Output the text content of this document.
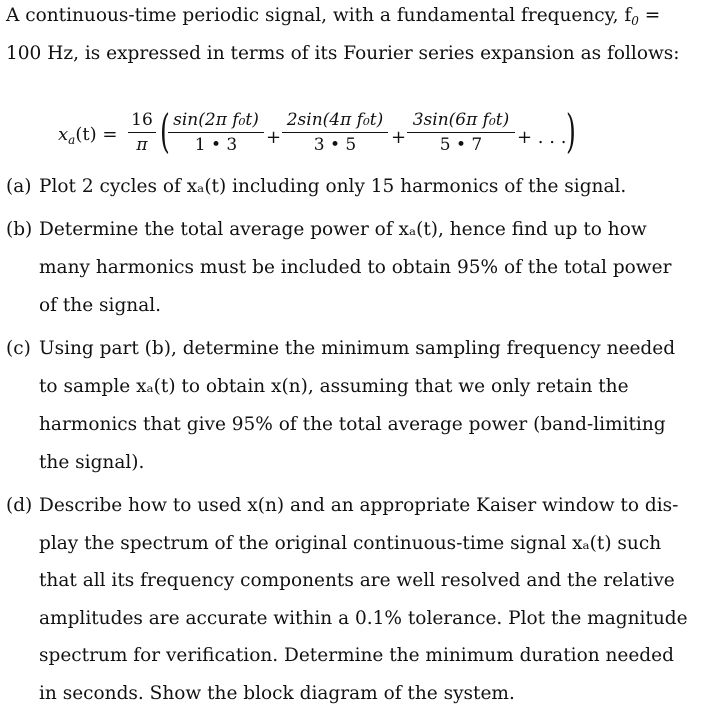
A continuous-time periodic signal, with a fundamental frequency, $f_0$ =
100 Hz, is expressed in terms of its Fourier series expansion as follows:
$x_a(t)$ =
16
π ( sin(2π f₀t)
1 • 3	+
2sin(4π f₀t)
3 • 5	+
3sin(6π f₀t)
5 • 7	+ . . . )
(a) Plot 2 cycles of xₐ(t) including only 15 harmonics of the signal.

(b) Determine the total average power of xₐ(t), hence find up to how

many harmonics must be included to obtain 95% of the total power

of the signal.

(c) Using part (b), determine the minimum sampling frequency needed

to sample xₐ(t) to obtain x(n), assuming that we only retain the

harmonics that give 95% of the total average power (band-limiting

the signal).

(d) Describe how to used x(n) and an appropriate Kaiser window to dis-

play the spectrum of the original continuous-time signal xₐ(t) such

that all its frequency components are well resolved and the relative

amplitudes are accurate within a 0.1% tolerance. Plot the magnitude

spectrum for verification. Determine the minimum duration needed

in seconds. Show the block diagram of the system.
